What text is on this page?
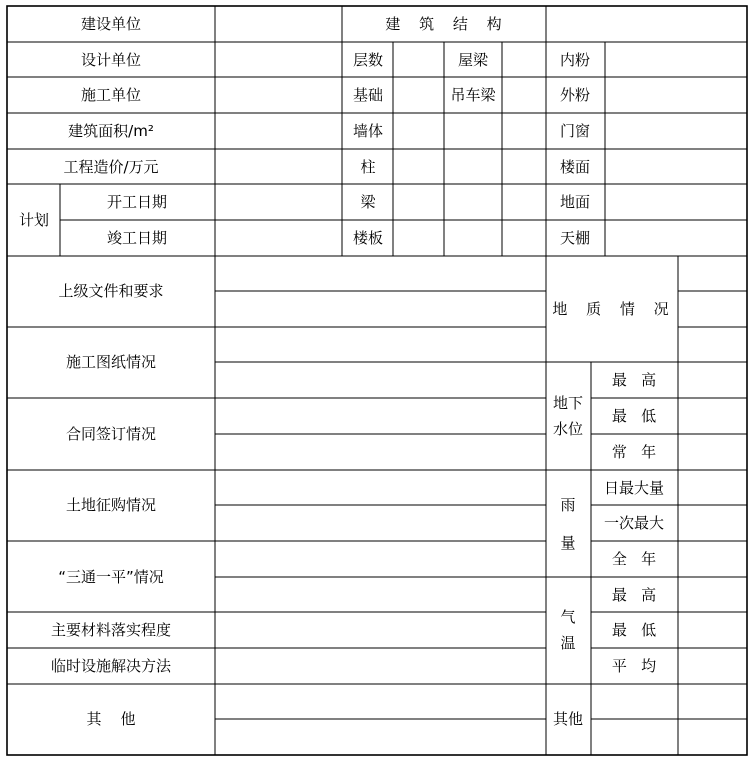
建设单位
设计单位
施工单位
建筑面积/m²
工程造价/万元
计划
开工日期
竣工日期
建 筑 结 构
层数
基础
墙体
柱
梁
楼板
屋梁
吊车梁
内粉
外粉
门窗
楼面
地面
天棚
上级文件和要求
施工图纸情况
合同签订情况
土地征购情况
“三通一平”情况
主要材料落实程度
临时设施解决方法
其    他
地 质 情 况
地下
水位
最   高
最   低
常   年
雨
量
日最大量
一次最大
全   年
气
温
最   高
最   低
平   均
其他
